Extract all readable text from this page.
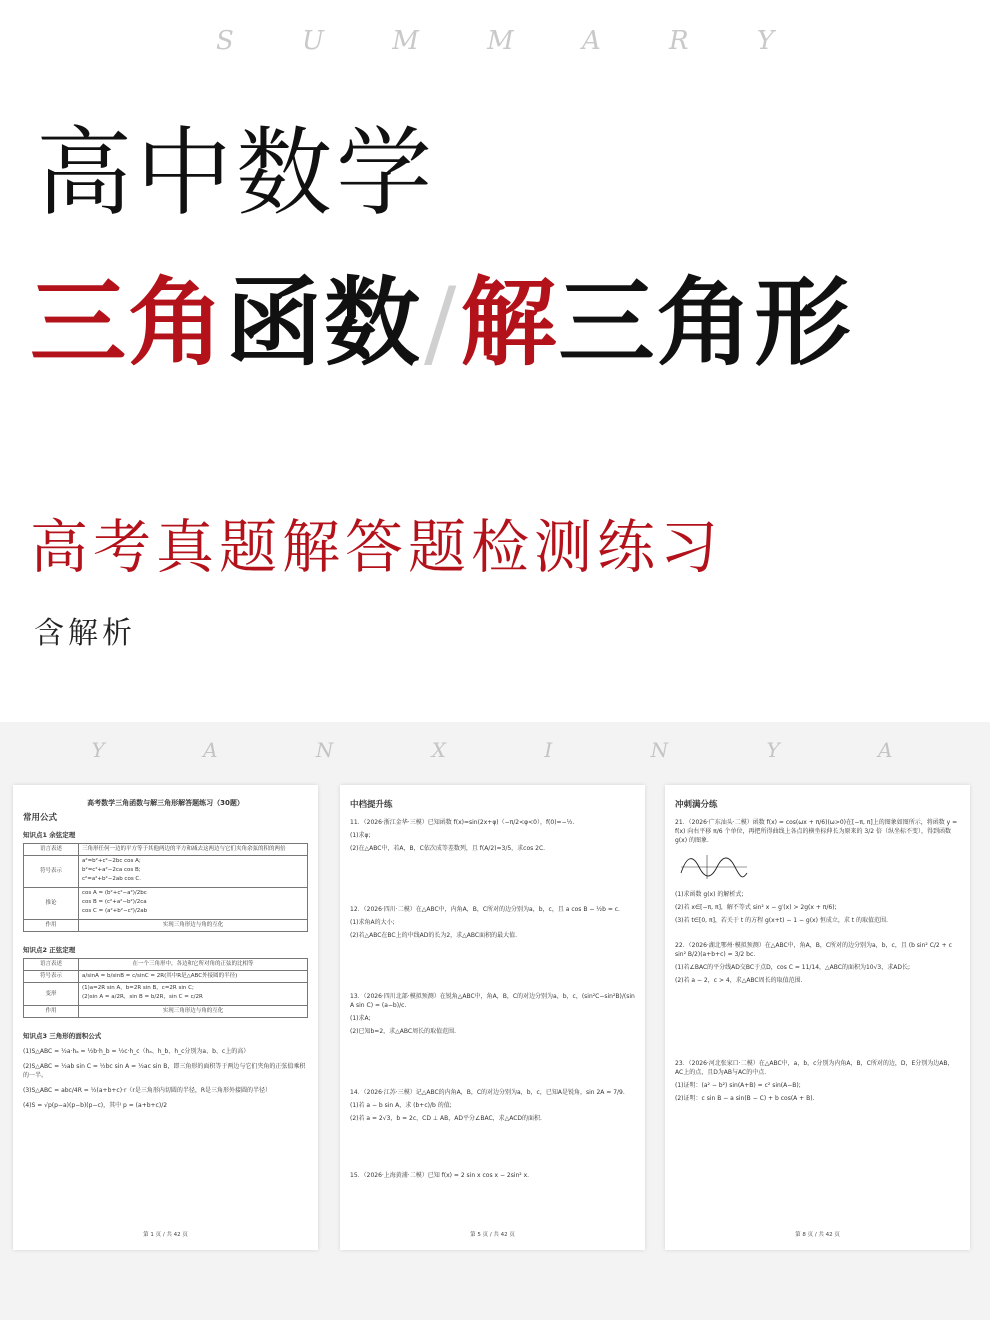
S U M M A R Y
高中数学
三角函数/解三角形
高考真题解答题检测练习
含解析
Y A N X I N Y A
高考数学三角函数与解三角形解答题练习（30题）
常用公式
知识点1 余弦定理
语言表述	三角形任何一边的平方等于其他两边的平方和减去这两边与它们夹角余弦的积的两倍
符号表示	a²=b²+c²−2bc cos A;
b²=c²+a²−2ca cos B;
c²=a²+b²−2ab cos C.

推论	cos A = (b²+c²−a²)/2bc
cos B = (c²+a²−b²)/2ca
cos C = (a²+b²−c²)/2ab

作用	实现三角形边与角的互化
知识点2 正弦定理
语言表述	在一个三角形中，各边和它所对角的正弦的比相等
符号表示	a/sinA = b/sinB = c/sinC = 2R(其中R是△ABC外接圆的半径)
变形	(1)a=2R sin A，b=2R sin B，c=2R sin C;
(2)sin A = a/2R，sin B = b/2R，sin C = c/2R

作用	实现三角形边与角的互化
知识点3 三角形的面积公式
(1)S△ABC = ½a·hₐ = ½b·h_b = ½c·h_c（hₐ、h_b、h_c分别为a、b、c上的高）
(2)S△ABC = ½ab sin C = ½bc sin A = ½ac sin B，即三角形的面积等于两边与它们夹角的正弦值乘积的一半。
(3)S△ABC = abc/4R = ½(a+b+c)·r（r是三角形内切圆的半径，R是三角形外接圆的半径）
(4)S = √p(p−a)(p−b)(p−c)，其中 p = (a+b+c)/2
第 1 页 / 共 42 页
中档提升练
11．（2026·浙江金华·三模）已知函数 f(x)=sin(2x+φ)（−π/2<φ<0），f(0)=−½.
(1)求φ;
(2)在△ABC中，若A，B，C依次成等差数列，且 f(A/2)=3/5，求cos 2C.
12．（2026·四川·二模）在△ABC中，内角A，B，C所对的边分别为a，b，c，且 a cos B − ½b = c.
(1)求角A的大小;
(2)若△ABC在BC上的中线AD的长为2，求△ABC面积的最大值.
13．（2026·四川北部·模拟预测）在锐角△ABC中，角A，B，C的对边分别为a，b，c，(sin²C−sin²B)/(sin A sin C) = (a−b)/c.
(1)求A;
(2)已知b=2，求△ABC周长的取值范围.
14．（2026·江苏·三模）记△ABC的内角A，B，C的对边分别为a，b，c，已知A是锐角，sin 2A = 7/9.
(1)若 a − b sin A，求 (b+c)/b 的值;
(2)若 a = 2√3，b = 2c，CD ⊥ AB，AD平分∠BAC，求△ACD的面积.
15．（2026·上海黄浦·二模）已知 f(x) = 2 sin x cos x − 2sin² x.
第 5 页 / 共 42 页
冲刺满分练
21．（2026·广东汕头·二模）函数 f(x) = cos(ωx + π/6)(ω>0)在[−π, π]上的图象如图所示，将函数 y = f(x) 向右平移 π/6 个单位，再把所得曲线上各点的横坐标伸长为原来的 3/2 倍（纵坐标不变），得到函数 g(x) 的图象.
(1)求函数 g(x) 的解析式;
(2)若 x∈[−π, π]，解不等式 sin² x − g′(x) > 2g(x + π/6);
(3)若 t∈[0, π]，若关于 t 的方程 g(x+t) − 1 − g(x) 恒成立，求 t 的取值范围.
22．（2026·湖北鄂州·模拟预测）在△ABC中，角A，B，C所对的边分别为a，b，c，且 (b sin² C/2 + c sin² B/2)(a+b+c) = 3/2 bc.
(1)若∠BAC的平分线AD交BC于点D，cos C = 11/14，△ABC的面积为10√3，求AD长;
(2)若 a − 2，c > 4，求△ABC周长的取值范围.
23．（2026·河北张家口·二模）在△ABC中，a，b，c分别为内角A，B，C所对的边，D，E分别为边AB，AC上的点，且D为AB与AC的中点.
(1)证明：(a² − b²) sin(A+B) = c² sin(A−B);
(2)证明：c sin B − a sin(B − C) + b cos(A + B).
第 8 页 / 共 42 页
